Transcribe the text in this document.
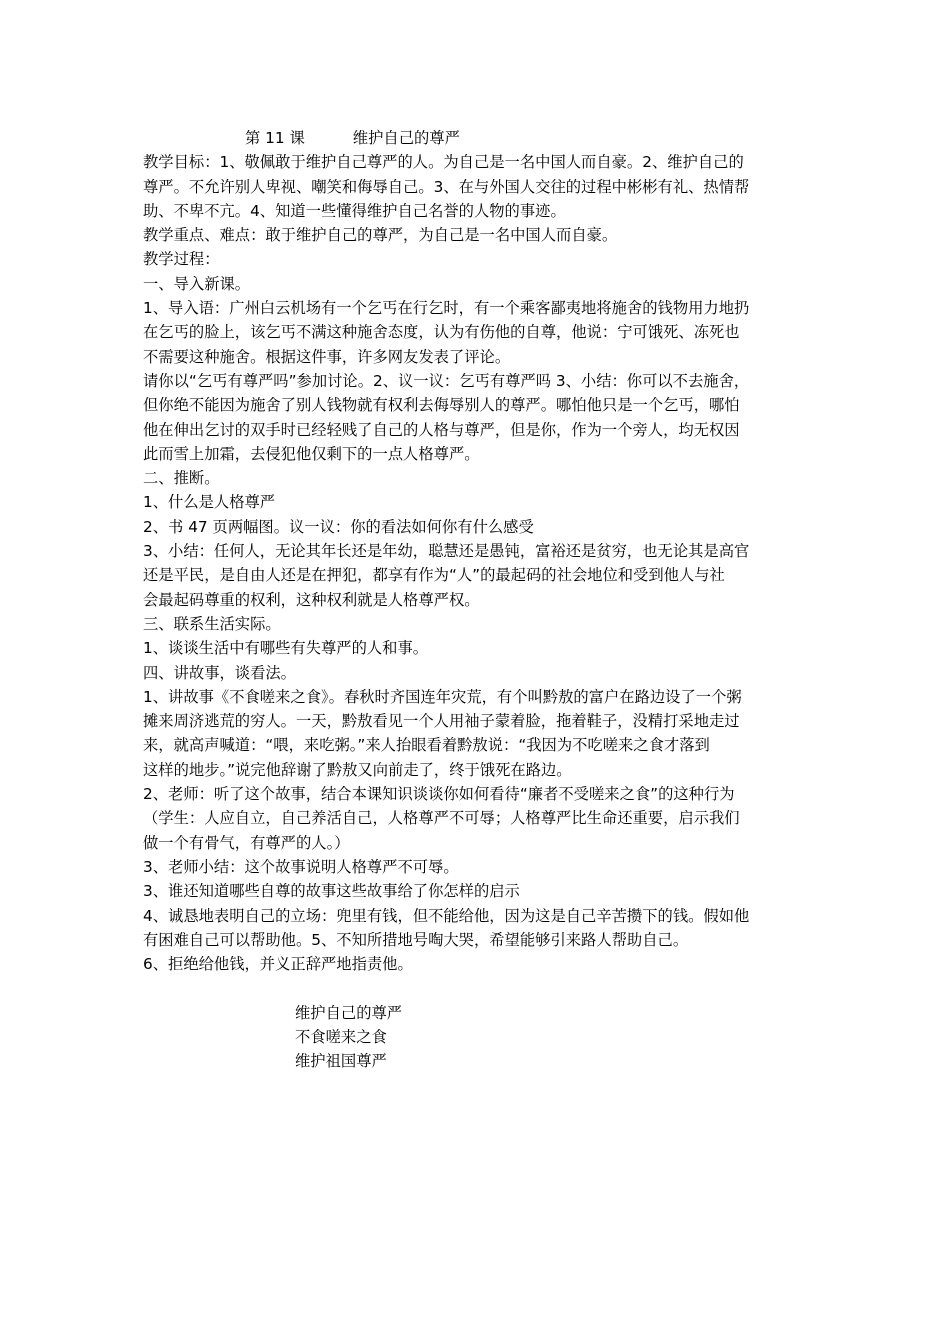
第 11 课	维护自己的尊严

教学目标：1、敬佩敢于维护自己尊严的人。为自己是一名中国人而自豪。2、维护自己的

尊严。不允许别人卑视、嘲笑和侮辱自己。3、在与外国人交往的过程中彬彬有礼、热情帮

助、不卑不亢。4、知道一些懂得维护自己名誉的人物的事迹。

教学重点、难点：敢于维护自己的尊严，为自己是一名中国人而自豪。

教学过程：

一、导入新课。

1、导入语：广州白云机场有一个乞丐在行乞时，有一个乘客鄙夷地将施舍的钱物用力地扔

在乞丐的脸上，该乞丐不满这种施舍态度，认为有伤他的自尊，他说：宁可饿死、冻死也

不需要这种施舍。根据这件事，许多网友发表了评论。

请你以“乞丐有尊严吗”参加讨论。2、议一议：乞丐有尊严吗 3、小结：你可以不去施舍，

但你绝不能因为施舍了别人钱物就有权利去侮辱别人的尊严。哪怕他只是一个乞丐，哪怕

他在伸出乞讨的双手时已经轻贱了自己的人格与尊严，但是你，作为一个旁人，均无权因

此而雪上加霜，去侵犯他仅剩下的一点人格尊严。

二、推断。

1、什么是人格尊严

2、书 47 页两幅图。议一议：你的看法如何你有什么感受

3、小结：任何人，无论其年长还是年幼，聪慧还是愚钝，富裕还是贫穷，也无论其是高官

还是平民，是自由人还是在押犯，都享有作为“人”的最起码的社会地位和受到他人与社

会最起码尊重的权利，这种权利就是人格尊严权。

三、联系生活实际。

1、谈谈生活中有哪些有失尊严的人和事。

四、讲故事，谈看法。

1、讲故事《不食嗟来之食》。春秋时齐国连年灾荒，有个叫黔敖的富户在路边设了一个粥

摊来周济逃荒的穷人。一天，黔敖看见一个人用袖子蒙着脸，拖着鞋子，没精打采地走过

来，就高声喊道：“喂，来吃粥。”来人抬眼看着黔敖说：“我因为不吃嗟来之食才落到

这样的地步。”说完他辞谢了黔敖又向前走了，终于饿死在路边。

2、老师：听了这个故事，结合本课知识谈谈你如何看待“廉者不受嗟来之食”的这种行为

（学生：人应自立，自己养活自己，人格尊严不可辱；人格尊严比生命还重要，启示我们

做一个有骨气，有尊严的人。）

3、老师小结：这个故事说明人格尊严不可辱。

3、谁还知道哪些自尊的故事这些故事给了你怎样的启示

4、诚恳地表明自己的立场：兜里有钱，但不能给他，因为这是自己辛苦攒下的钱。假如他

有困难自己可以帮助他。5、不知所措地号啕大哭，希望能够引来路人帮助自己。

6、拒绝给他钱，并义正辞严地指责他。

维护自己的尊严

不食嗟来之食

维护祖国尊严
